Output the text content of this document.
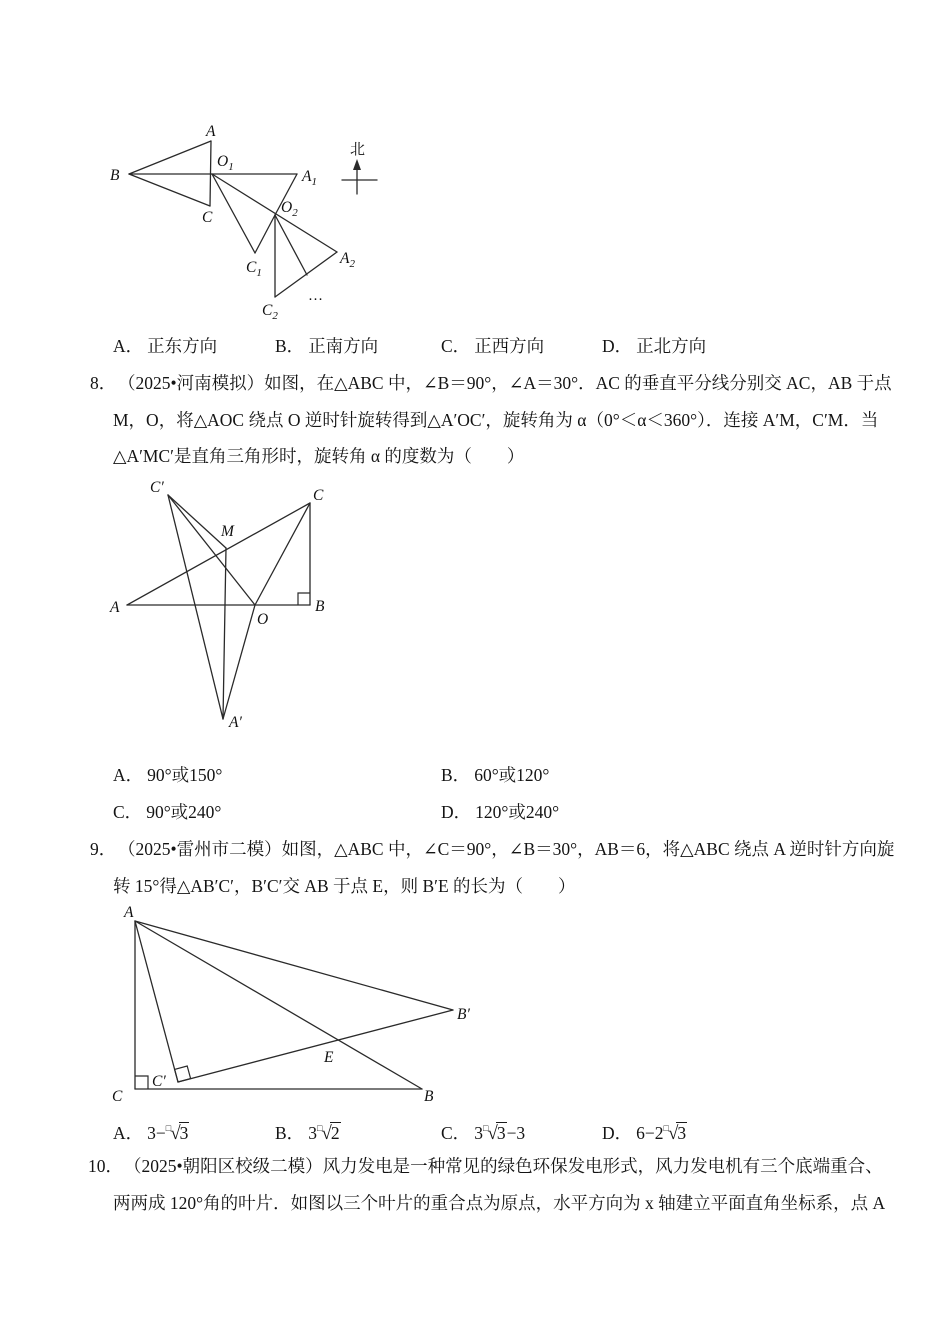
A
B
C
$O_1$
$A_1$
$O_2$
$C_1$
$A_2$
$C_2$
…
北
A． 正东方向	B． 正南方向	C． 正西方向	D． 正北方向
8． （2025•河南模拟）如图，在△ABC 中，∠B＝90°，∠A＝30°．AC 的垂直平分线分别交 AC，AB 于点
M，O，将△AOC 绕点 O 逆时针旋转得到△A′OC′，旋转角为 α（0°＜α＜360°）．连接 A′M，C′M．当
△A′MC′是直角三角形时，旋转角 α 的度数为（　　）
A	B
C
O
M
C′
A′
A． 90°或150°	B． 60°或120°
C． 90°或240°	D． 120°或240°
9． （2025•雷州市二模）如图，△ABC 中，∠C＝90°，∠B＝30°，AB＝6，将△ABC 绕点 A 逆时针方向旋
转 15°得△AB′C′，B′C′交 AB 于点 E，则 B′E 的长为（　　）
A
C	B
B′
C′
E
A． 3−□√3	B． 3□√2	C． 3□√3−3	D． 6−2□√3
10． （2025•朝阳区校级二模）风力发电是一种常见的绿色环保发电形式，风力发电机有三个底端重合、
两两成 120°角的叶片．如图以三个叶片的重合点为原点，水平方向为 x 轴建立平面直角坐标系，点 A
